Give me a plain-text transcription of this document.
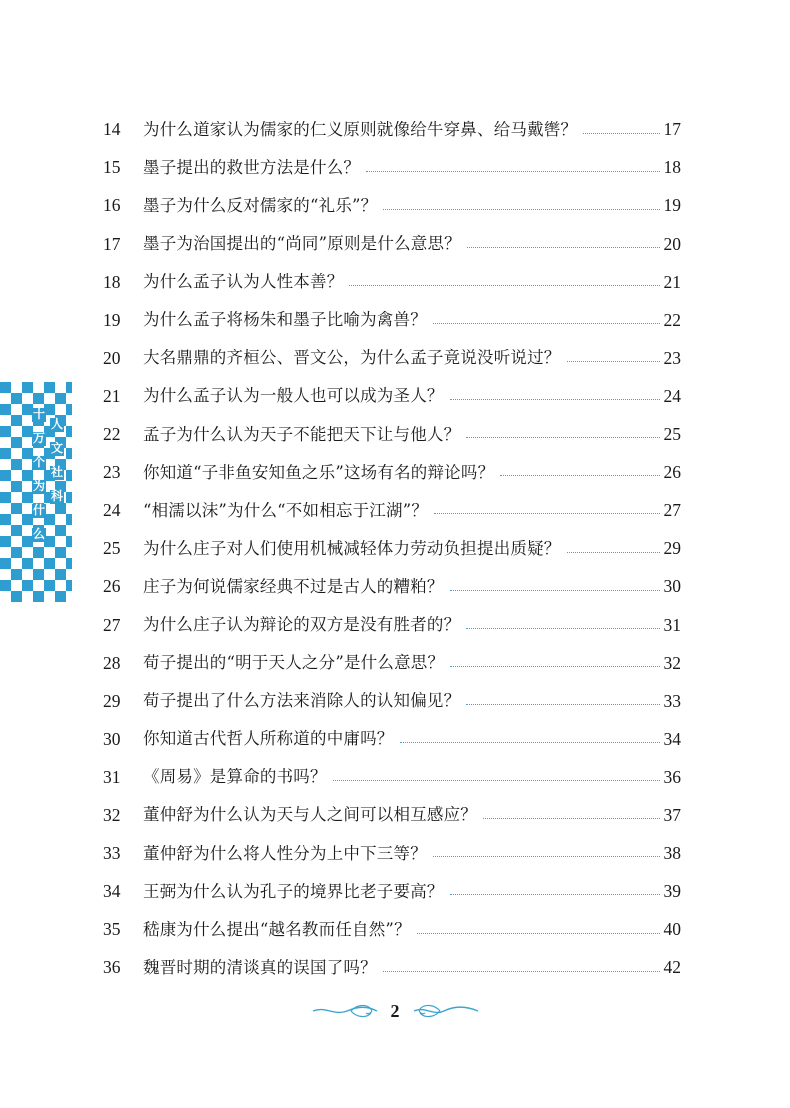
十
万
个
为
什
么
人
文
社
科
14	为什么道家认为儒家的仁义原则就像给牛穿鼻、给马戴辔？	17
15	墨子提出的救世方法是什么？	18
16	墨子为什么反对儒家的“礼乐”？	19
17	墨子为治国提出的“尚同”原则是什么意思？	20
18	为什么孟子认为人性本善？	21
19	为什么孟子将杨朱和墨子比喻为禽兽？	22
20	大名鼎鼎的齐桓公、晋文公，为什么孟子竟说没听说过？	23
21	为什么孟子认为一般人也可以成为圣人？	24
22	孟子为什么认为天子不能把天下让与他人？	25
23	你知道“子非鱼安知鱼之乐”这场有名的辩论吗？	26
24	“相濡以沫”为什么“不如相忘于江湖”？	27
25	为什么庄子对人们使用机械减轻体力劳动负担提出质疑？	29
26	庄子为何说儒家经典不过是古人的糟粕？	30
27	为什么庄子认为辩论的双方是没有胜者的？	31
28	荀子提出的“明于天人之分”是什么意思？	32
29	荀子提出了什么方法来消除人的认知偏见？	33
30	你知道古代哲人所称道的中庸吗？	34
31	《周易》是算命的书吗？	36
32	董仲舒为什么认为天与人之间可以相互感应？	37
33	董仲舒为什么将人性分为上中下三等？	38
34	王弼为什么认为孔子的境界比老子要高？	39
35	嵇康为什么提出“越名教而任自然”？	40
36	魏晋时期的清谈真的误国了吗？	42
2
